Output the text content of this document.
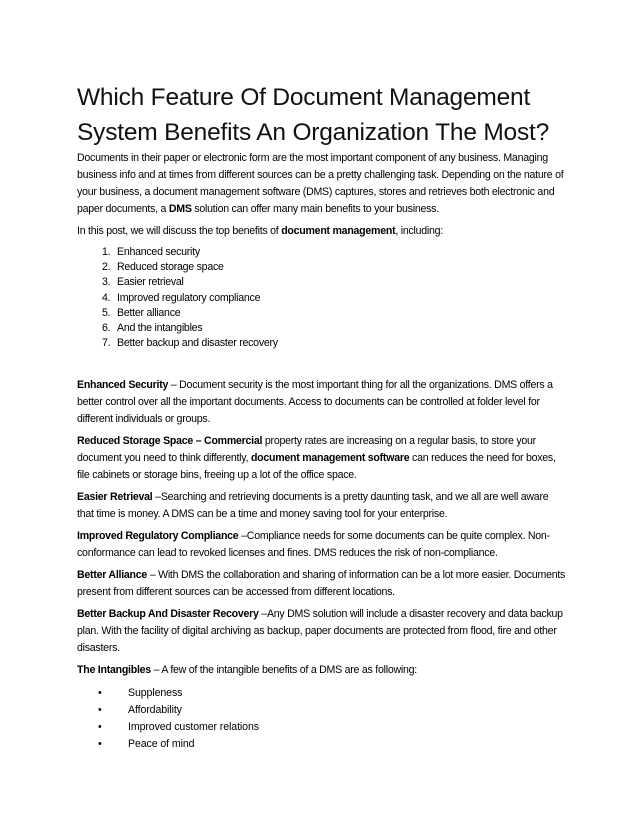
Which Feature Of Document Management
System Benefits An Organization The Most?

Documents in their paper or electronic form are the most important component of any business. Managing business info and at times from different sources can be a pretty challenging task. Depending on the nature of your business, a document management software (DMS) captures, stores and retrieves both electronic and paper documents, a DMS solution can offer many main benefits to your business.

In this post, we will discuss the top benefits of document management, including:

1. Enhanced security
2. Reduced storage space
3. Easier retrieval
4. Improved regulatory compliance
5. Better alliance
6. And the intangibles
7. Better backup and disaster recovery

Enhanced Security – Document security is the most important thing for all the organizations. DMS offers a better control over all the important documents. Access to documents can be controlled at folder level for different individuals or groups.

Reduced Storage Space – Commercial property rates are increasing on a regular basis, to store your document you need to think differently, document management software can reduces the need for boxes, file cabinets or storage bins, freeing up a lot of the office space.

Easier Retrieval –Searching and retrieving documents is a pretty daunting task, and we all are well aware that time is money. A DMS can be a time and money saving tool for your enterprise.

Improved Regulatory Compliance –Compliance needs for some documents can be quite complex. Non-conformance can lead to revoked licenses and fines. DMS reduces the risk of non-compliance.

Better Alliance – With DMS the collaboration and sharing of information can be a lot more easier. Documents present from different sources can be accessed from different locations.

Better Backup And Disaster Recovery –Any DMS solution will include a disaster recovery and data backup plan. With the facility of digital archiving as backup, paper documents are protected from flood, fire and other disasters.

The Intangibles – A few of the intangible benefits of a DMS are as following:

• Suppleness
• Affordability
• Improved customer relations
• Peace of mind
